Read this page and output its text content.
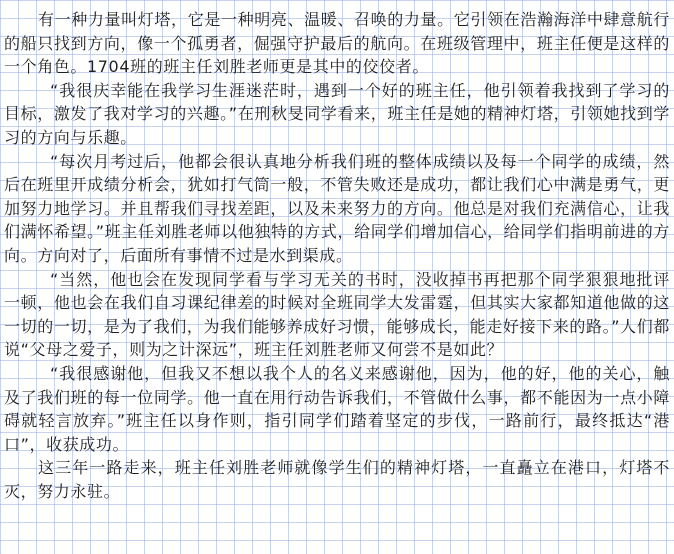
有一种力量叫灯塔，它是一种明亮、温暖、召唤的力量。它引领在浩瀚海洋中肆意航行的船只找到方向，像一个孤勇者，倔强守护最后的航向。在班级管理中，班主任便是这样的一个角色。1704班的班主任刘胜老师更是其中的佼佼者。

“我很庆幸能在我学习生涯迷茫时，遇到一个好的班主任，他引领着我找到了学习的目标，激发了我对学习的兴趣。”在刑秋旻同学看来，班主任是她的精神灯塔，引领她找到学习的方向与乐趣。

“每次月考过后，他都会很认真地分析我们班的整体成绩以及每一个同学的成绩，然后在班里开成绩分析会，犹如打气筒一般，不管失败还是成功，都让我们心中满是勇气，更加努力地学习。并且帮我们寻找差距，以及未来努力的方向。他总是对我们充满信心，让我们满怀希望。”班主任刘胜老师以他独特的方式，给同学们增加信心，给同学们指明前进的方向。方向对了，后面所有事情不过是水到渠成。

“当然，他也会在发现同学看与学习无关的书时，没收掉书再把那个同学狠狠地批评一顿，他也会在我们自习课纪律差的时候对全班同学大发雷霆，但其实大家都知道他做的这一切的一切，是为了我们，为我们能够养成好习惯，能够成长，能走好接下来的路。”人们都说“父母之爱子，则为之计深远”，班主任刘胜老师又何尝不是如此？

“我很感谢他，但我又不想以我个人的名义来感谢他，因为，他的好，他的关心，触及了我们班的每一位同学。他一直在用行动告诉我们，不管做什么事，都不能因为一点小障碍就轻言放弃。”班主任以身作则，指引同学们踏着坚定的步伐，一路前行，最终抵达“港口”，收获成功。

这三年一路走来，班主任刘胜老师就像学生们的精神灯塔，一直矗立在港口，灯塔不灭，努力永驻。
